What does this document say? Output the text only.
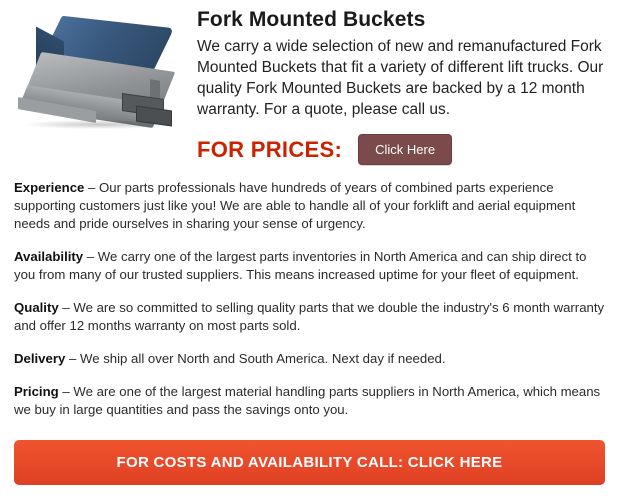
Fork Mounted Buckets

We carry a wide selection of new and remanufactured Fork Mounted Buckets that fit a variety of different lift trucks. Our quality Fork Mounted Buckets are backed by a 12 month warranty. For a quote, please call us.

FOR PRICES:	Click Here

Experience – Our parts professionals have hundreds of years of combined parts experience supporting customers just like you! We are able to handle all of your forklift and aerial equipment needs and pride ourselves in sharing your sense of urgency.

Availability – We carry one of the largest parts inventories in North America and can ship direct to you from many of our trusted suppliers. This means increased uptime for your fleet of equipment.

Quality – We are so committed to selling quality parts that we double the industry's 6 month warranty and offer 12 months warranty on most parts sold.

Delivery – We ship all over North and South America. Next day if needed.

Pricing – We are one of the largest material handling parts suppliers in North America, which means we buy in large quantities and pass the savings onto you.

FOR COSTS AND AVAILABILITY CALL: CLICK HERE
